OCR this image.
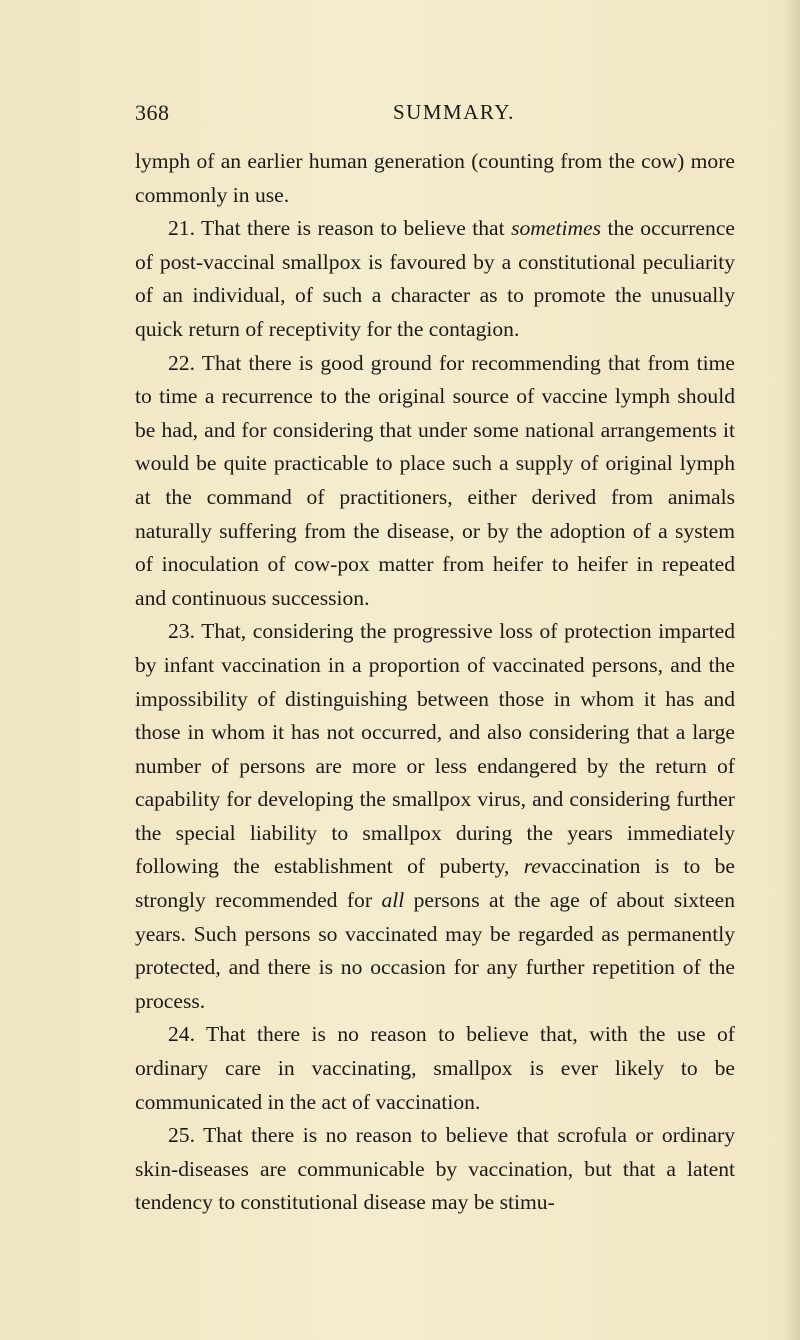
368	SUMMARY.

lymph of an earlier human generation (counting from the cow) more commonly in use.

21. That there is reason to believe that sometimes the occurrence of post-vaccinal smallpox is favoured by a constitutional peculiarity of an individual, of such a character as to promote the unusually quick return of receptivity for the contagion.

22. That there is good ground for recommending that from time to time a recurrence to the original source of vaccine lymph should be had, and for considering that under some national arrangements it would be quite practicable to place such a supply of original lymph at the command of practitioners, either derived from animals naturally suffering from the disease, or by the adoption of a system of inoculation of cow-pox matter from heifer to heifer in repeated and continuous succession.

23. That, considering the progressive loss of protection imparted by infant vaccination in a proportion of vaccinated persons, and the impossibility of distinguishing between those in whom it has and those in whom it has not occurred, and also considering that a large number of persons are more or less endangered by the return of capability for developing the smallpox virus, and considering further the special liability to smallpox during the years immediately following the establishment of puberty, revaccination is to be strongly recommended for all persons at the age of about sixteen years. Such persons so vaccinated may be regarded as permanently protected, and there is no occasion for any further repetition of the process.

24. That there is no reason to believe that, with the use of ordinary care in vaccinating, smallpox is ever likely to be communicated in the act of vaccination.

25. That there is no reason to believe that scrofula or ordinary skin-diseases are communicable by vaccination, but that a latent tendency to constitutional disease may be stimu-
